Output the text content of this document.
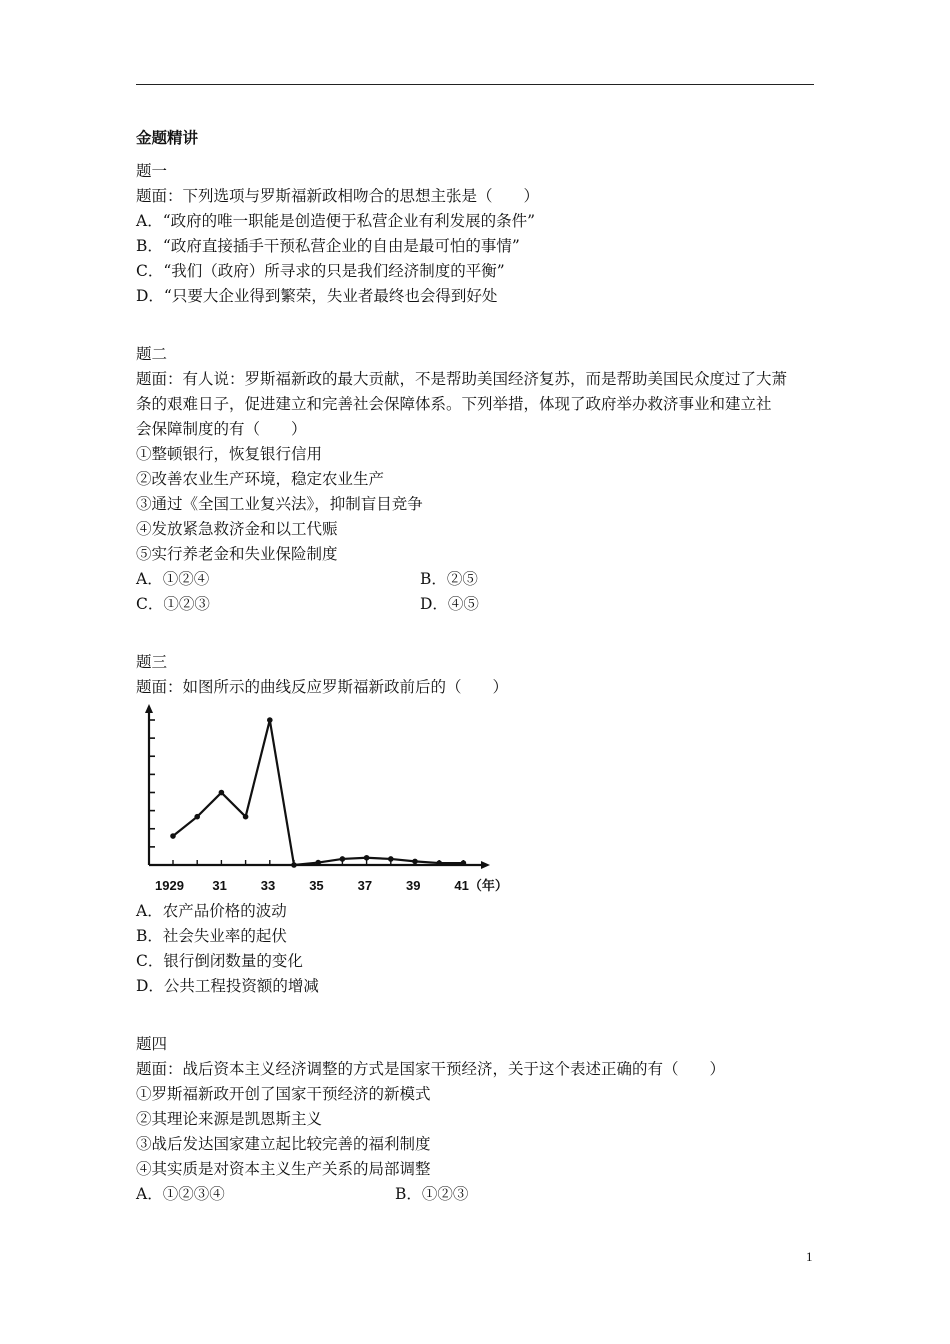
金题精讲
题一
题面：下列选项与罗斯福新政相吻合的思想主张是（　　）
A．“政府的唯一职能是创造便于私营企业有利发展的条件”
B．“政府直接插手干预私营企业的自由是最可怕的事情”
C．“我们（政府）所寻求的只是我们经济制度的平衡”
D．“只要大企业得到繁荣，失业者最终也会得到好处
题二
题面：有人说：罗斯福新政的最大贡献，不是帮助美国经济复苏，而是帮助美国民众度过了大萧
条的艰难日子，促进建立和完善社会保障体系。下列举措，体现了政府举办救济事业和建立社
会保障制度的有（　　）
①整顿银行，恢复银行信用
②改善农业生产环境，稳定农业生产
③通过《全国工业复兴法》，抑制盲目竞争
④发放紧急救济金和以工代赈
⑤实行养老金和失业保险制度
A．①②④	B．②⑤
C．①②③	D．④⑤
题三
题面：如图所示的曲线反应罗斯福新政前后的（　　）
1929 31	33	35	37	39	41（年）
A．农产品价格的波动
B．社会失业率的起伏
C．银行倒闭数量的变化
D．公共工程投资额的增减
题四
题面：战后资本主义经济调整的方式是国家干预经济，关于这个表述正确的有（　　）
①罗斯福新政开创了国家干预经济的新模式
②其理论来源是凯恩斯主义
③战后发达国家建立起比较完善的福利制度
④其实质是对资本主义生产关系的局部调整
A．①②③④	B．①②③
1
